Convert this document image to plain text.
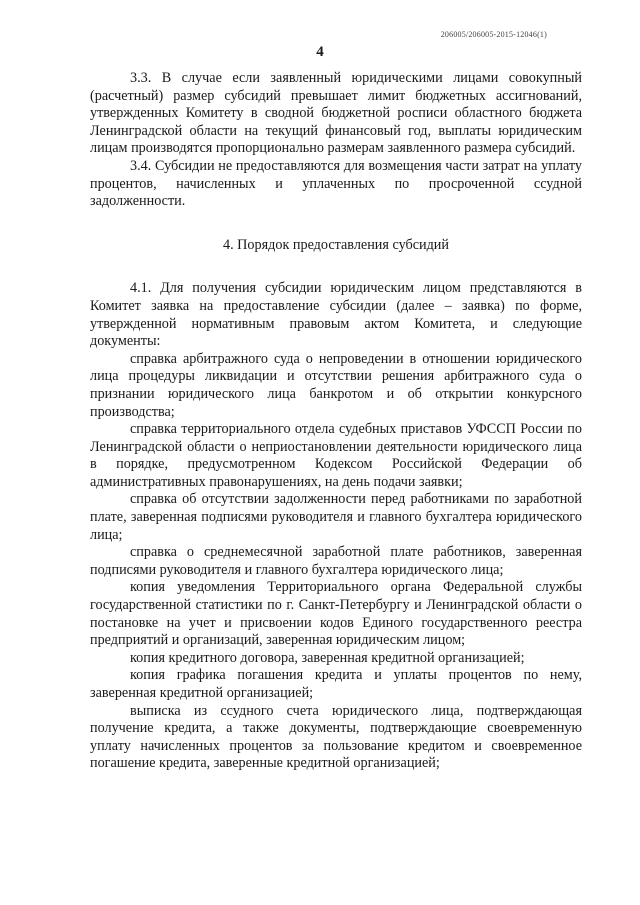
206005/206005-2015-12046(1)
4

3.3. В случае если заявленный юридическими лицами совокупный (расчетный) размер субсидий превышает лимит бюджетных ассигнований, утвержденных Комитету в сводной бюджетной росписи областного бюджета Ленинградской области на текущий финансовый год, выплаты юридическим лицам производятся пропорционально размерам заявленного размера субсидий.

3.4. Субсидии не предоставляются для возмещения части затрат на уплату процентов, начисленных и уплаченных по просроченной ссудной задолженности.

4. Порядок предоставления субсидий

4.1. Для получения субсидии юридическим лицом представляются в Комитет заявка на предоставление субсидии (далее – заявка) по форме, утвержденной нормативным правовым актом Комитета, и следующие документы:

справка арбитражного суда о непроведении в отношении юридического лица процедуры ликвидации и отсутствии решения арбитражного суда о признании юридического лица банкротом и об открытии конкурсного производства;

справка территориального отдела судебных приставов УФССП России по Ленинградской области о неприостановлении деятельности юридического лица в порядке, предусмотренном Кодексом Российской Федерации об административных правонарушениях, на день подачи заявки;

справка об отсутствии задолженности перед работниками по заработной плате, заверенная подписями руководителя и главного бухгалтера юридического лица;

справка о среднемесячной заработной плате работников, заверенная подписями руководителя и главного бухгалтера юридического лица;

копия уведомления Территориального органа Федеральной службы государственной статистики по г. Санкт-Петербургу и Ленинградской области о постановке на учет и присвоении кодов Единого государственного реестра предприятий и организаций, заверенная юридическим лицом;

копия кредитного договора, заверенная кредитной организацией;

копия графика погашения кредита и уплаты процентов по нему, заверенная кредитной организацией;

выписка из ссудного счета юридического лица, подтверждающая получение кредита, а также документы, подтверждающие своевременную уплату начисленных процентов за пользование кредитом и своевременное погашение кредита, заверенные кредитной организацией;
